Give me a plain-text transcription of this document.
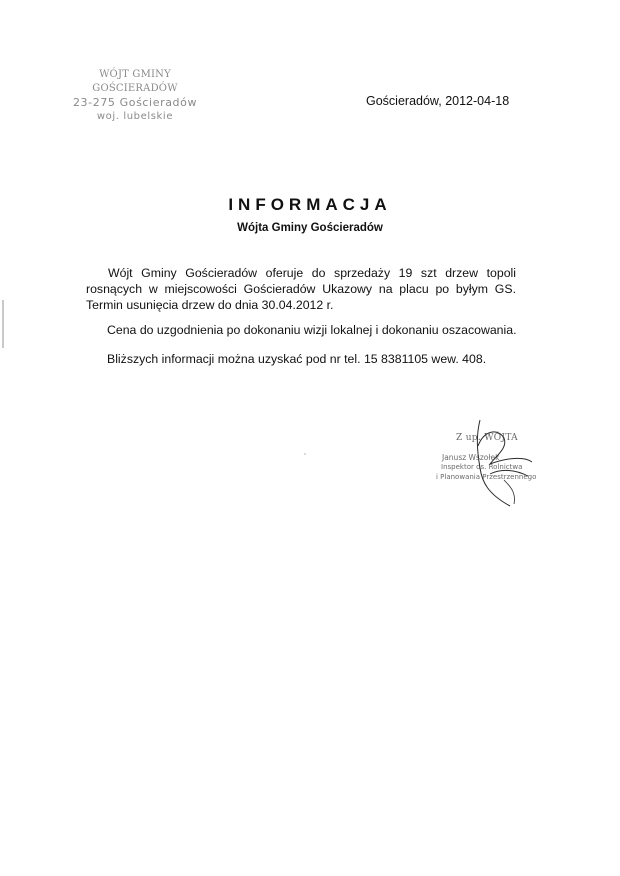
WÓJT GMINY GOŚCIERADÓW
23-275 Gościeradów
woj. lubelskie
Gościeradów, 2012-04-18
INFORMACJA
Wójta Gminy Gościeradów
Wójt Gminy Gościeradów oferuje do sprzedaży 19 szt drzew topoli rosnących w miejscowości Gościeradów Ukazowy na placu po byłym GS. Termin usunięcia drzew do dnia 30.04.2012 r.
Cena do uzgodnienia po dokonaniu wizji lokalnej i dokonaniu oszacowania.
Bliższych informacji można uzyskać pod nr tel. 15 8381105 wew. 408.
Z up. WÓJTA
Janusz Wszołek
Inspektor ds. Rolnictwa
i Planowania Przestrzennego
